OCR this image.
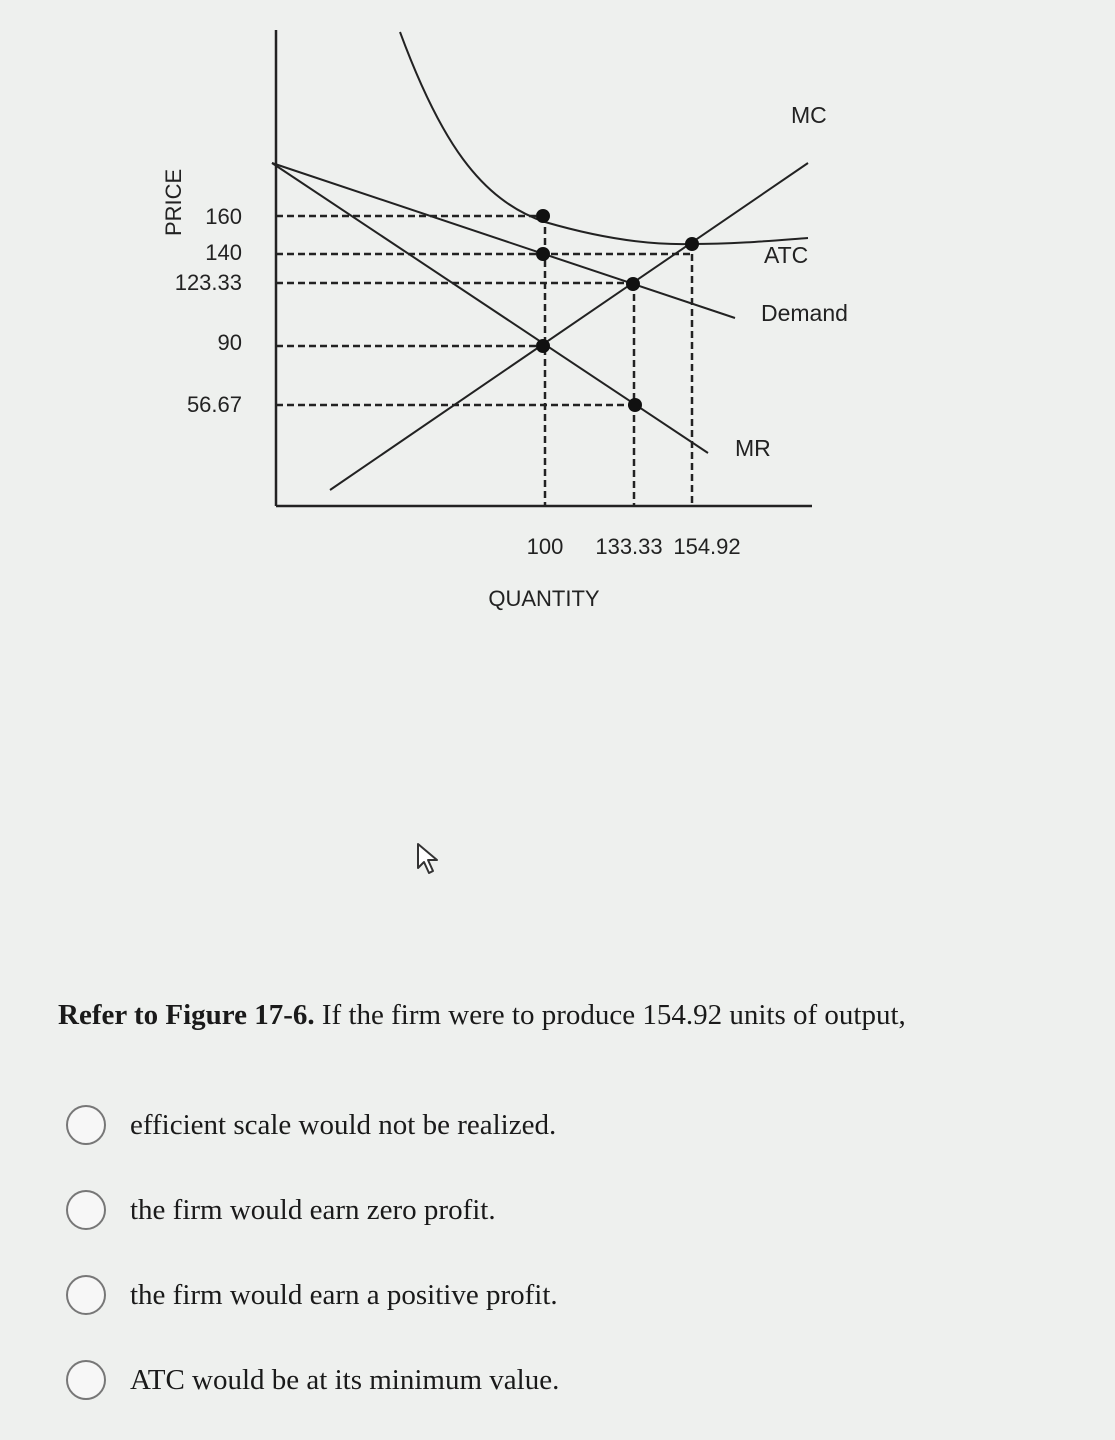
160
140
123.33
90
56.67
100 133.33 154.92
PRICE
QUANTITY
MC
ATC
Demand
MR
Refer to Figure 17-6. If the firm were to produce 154.92 units of output,
efficient scale would not be realized.
the firm would earn zero profit.
the firm would earn a positive profit.
ATC would be at its minimum value.
